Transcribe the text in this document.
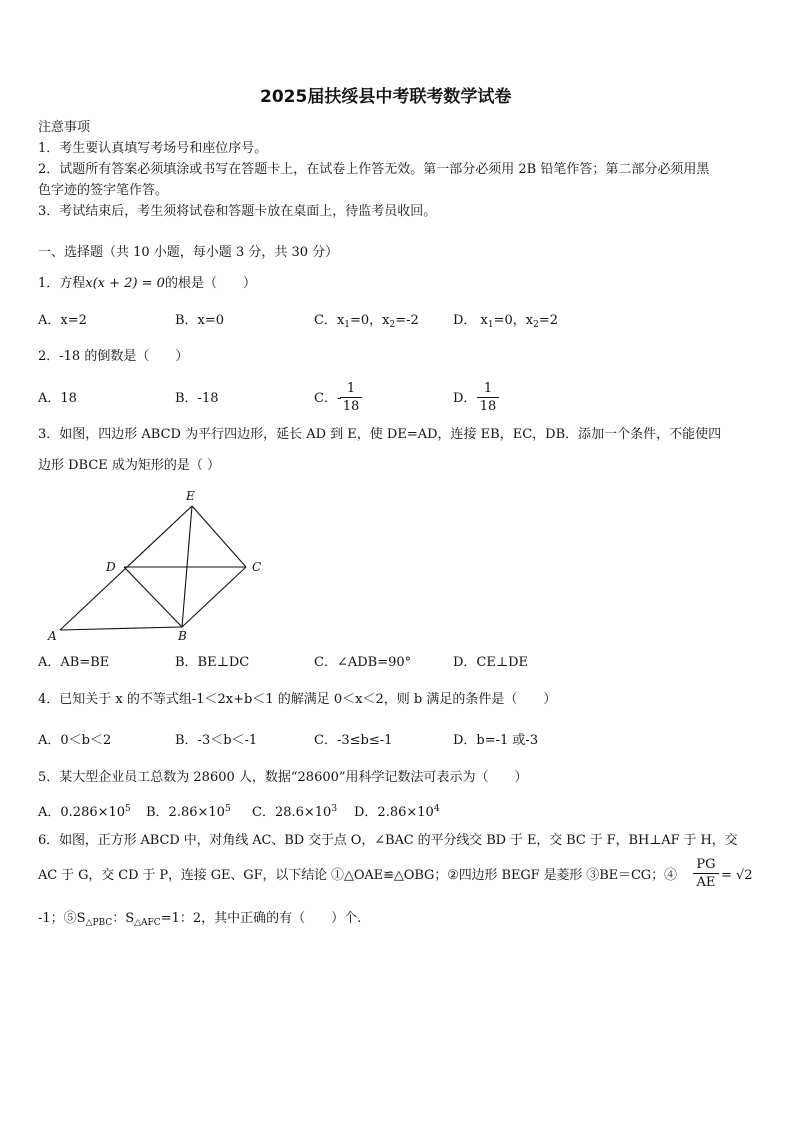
2025届扶绥县中考联考数学试卷
注意事项
1．考生要认真填写考场号和座位序号。
2．试题所有答案必须填涂或书写在答题卡上，在试卷上作答无效。第一部分必须用 2B 铅笔作答；第二部分必须用黑
色字迹的签字笔作答。
3．考试结束后，考生须将试卷和答题卡放在桌面上，待监考员收回。
一、选择题（共 10 小题，每小题 3 分，共 30 分）
1．方程x(x + 2) = 0的根是（　　）
A．x=2	B．x=0	C．$x_1=0$，$x_2=-2$	D． $x_1=0$，$x_2=2$
2．-18 的倒数是（　　）
A．18	B．-18	C．-
1
18
D．
1
18
3．如图，四边形 ABCD 为平行四边形，延长 AD 到 E，使 DE=AD，连接 EB，EC，DB．添加一个条件，不能使四
边形 DBCE 成为矩形的是（ ）
E
D	C
A	B
A．AB=BE	B．BE⊥DC	C．∠ADB=90°	D．CE⊥DE
4．已知关于 x 的不等式组-1＜2x+b＜1 的解满足 0＜x＜2，则 b 满足的条件是（　　）
A．0＜b＜2	B．-3＜b＜-1	C．-3≤b≤-1	D．b=-1 或-3
5．某大型企业员工总数为 28600 人，数据“28600”用科学记数法可表示为（　　）
A．$0.286\times 10^5$ B．$2.86\times 10^5$ C．$28.6\times 10^3$ D．$2.86\times 10^4$
6．如图，正方形 ABCD 中，对角线 AC、BD 交于点 O，∠BAC 的平分线交 BD 于 E，交 BC 于 F，BH⊥AF 于 H，交
AC 于 G，交 CD 于 P，连接 GE、GF，以下结论 ①△OAE≌△OBG；②四边形 BEGF 是菱形 ③BE＝CG；④
PG
AE = √2
-1；$⑤S_{\triangle PBC}$：$S_{\triangle AFC}=1$：2，其中正确的有（　　）个.
